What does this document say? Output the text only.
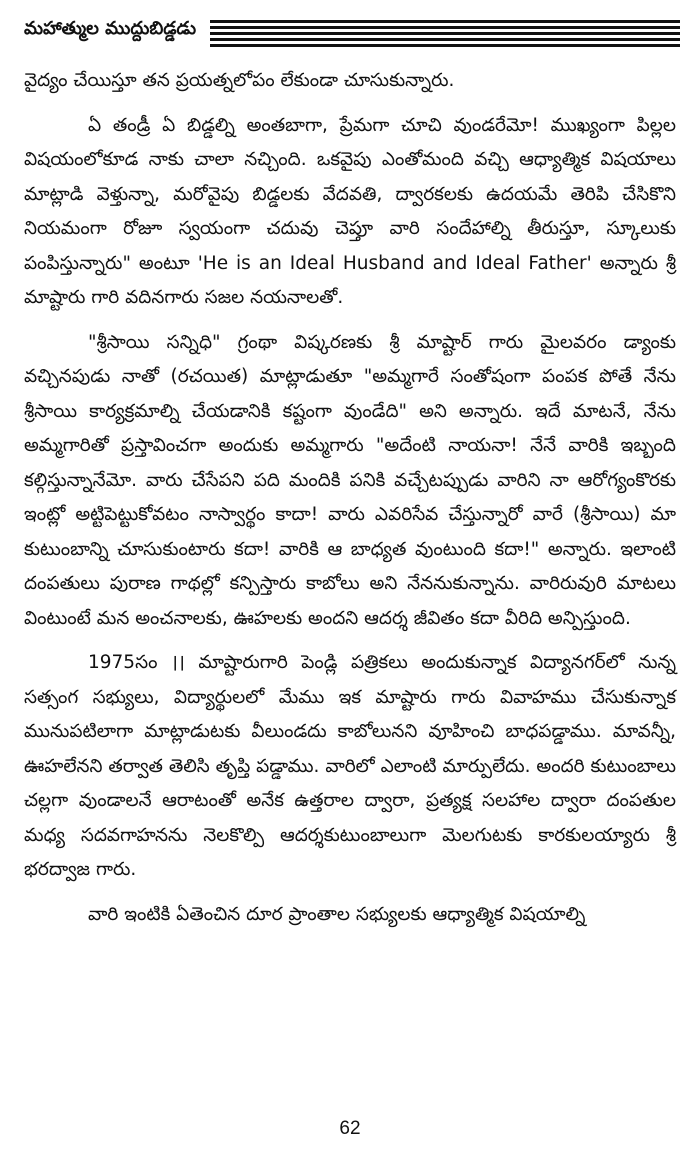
మహాత్ముల ముద్దుబిడ్డడు

వైద్యం చేయిస్తూ తన ప్రయత్నలోపం లేకుండా చూసుకున్నారు.

ఏ తండ్రీ ఏ బిడ్డల్ని అంతబాగా, ప్రేమగా చూచి వుండరేమో! ముఖ్యంగా పిల్లల విషయంలోకూడ నాకు చాలా నచ్చింది. ఒకవైపు ఎంతోమంది వచ్చి ఆధ్యాత్మిక విషయాలు మాట్లాడి వెళ్తున్నా, మరోవైపు బిడ్డలకు వేదవతి, ద్వారకలకు ఉదయమే తెరిపి చేసికొని నియమంగా రోజూ స్వయంగా చదువు చెప్తూ వారి సందేహాల్ని తీరుస్తూ, స్కూలుకు పంపిస్తున్నారు" అంటూ 'He is an Ideal Husband and Ideal Father' అన్నారు శ్రీ మాష్టారు గారి వదినగారు సజల నయనాలతో.

"శ్రీసాయి సన్నిధి" గ్రంథా విష్కరణకు శ్రీ మాష్టార్ గారు మైలవరం డ్యాంకు వచ్చినపుడు నాతో (రచయిత) మాట్లాడుతూ "అమ్మగారే సంతోషంగా పంపక పోతే నేను శ్రీసాయి కార్యక్రమాల్ని చేయడానికి కష్టంగా వుండేది" అని అన్నారు. ఇదే మాటనే, నేను అమ్మగారితో ప్రస్తావించగా అందుకు అమ్మగారు "అదేంటి నాయనా! నేనే వారికి ఇబ్బంది కల్గిస్తున్నానేమో. వారు చేసేపని పది మందికి పనికి వచ్చేటప్పుడు వారిని నా ఆరోగ్యంకొరకు ఇంట్లో అట్టిపెట్టుకోవటం నాస్వార్థం కాదా! వారు ఎవరిసేవ చేస్తున్నారో వారే (శ్రీసాయి) మా కుటుంబాన్ని చూసుకుంటారు కదా! వారికి ఆ బాధ్యత వుంటుంది కదా!" అన్నారు. ఇలాంటి దంపతులు పురాణ గాథల్లో కన్పిస్తారు కాబోలు అని నేననుకున్నాను. వారిరువురి మాటలు వింటుంటే మన అంచనాలకు, ఊహలకు అందని ఆదర్శ జీవితం కదా వీరిది అన్పిస్తుంది.

1975సం ।। మాష్టారుగారి పెండ్లి పత్రికలు అందుకున్నాక విద్యానగర్‌లో నున్న సత్సంగ సభ్యులు, విద్యార్థులలో మేము ఇక మాష్టారు గారు వివాహము చేసుకున్నాక మునుపటిలాగా మాట్లాడుటకు వీలుండదు కాబోలునని వూహించి బాధపడ్డాము. మావన్నీ, ఊహలేనని తర్వాత తెలిసి తృప్తి పడ్డాము. వారిలో ఎలాంటి మార్పులేదు. అందరి కుటుంబాలు చల్లగా వుండాలనే ఆరాటంతో అనేక ఉత్తరాల ద్వారా, ప్రత్యక్ష సలహాల ద్వారా దంపతుల మధ్య సదవగాహనను నెలకొల్పి ఆదర్శకుటుంబాలుగా మెలగుటకు కారకులయ్యారు శ్రీ భరద్వాజ గారు.

వారి ఇంటికి ఏతెంచిన దూర ప్రాంతాల సభ్యులకు ఆధ్యాత్మిక విషయాల్ని

62
